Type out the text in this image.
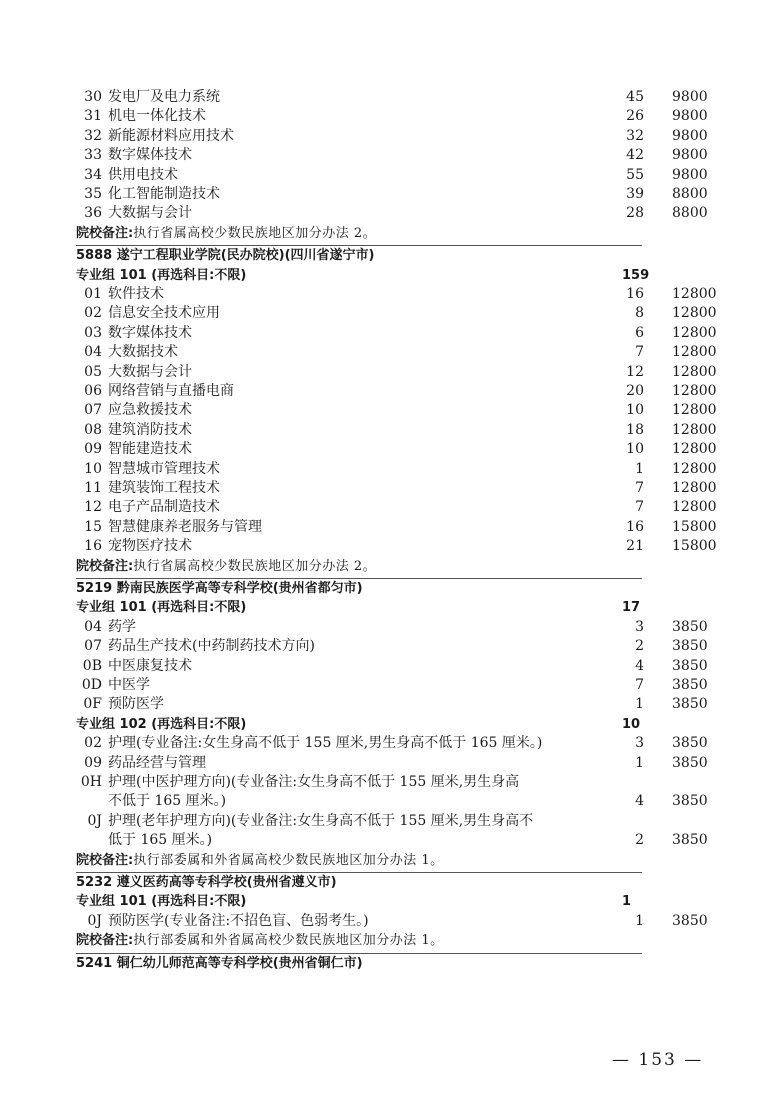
30 发电厂及电力系统	45 9800
31 机电一体化技术	26 9800
32 新能源材料应用技术	32 9800
33 数字媒体技术	42 9800
34 供用电技术	55 9800
35 化工智能制造技术	39 8800
36 大数据与会计	28 8800
院校备注:执行省属高校少数民族地区加分办法 2。
5888 遂宁工程职业学院(民办院校)(四川省遂宁市)
专业组 101 (再选科目:不限)	159
01 软件技术	16 12800
02 信息安全技术应用	8 12800
03 数字媒体技术	6 12800
04 大数据技术	7 12800
05 大数据与会计	12 12800
06 网络营销与直播电商	20 12800
07 应急救援技术	10 12800
08 建筑消防技术	18 12800
09 智能建造技术	10 12800
10 智慧城市管理技术	1 12800
11 建筑装饰工程技术	7 12800
12 电子产品制造技术	7 12800
15 智慧健康养老服务与管理	16 15800
16 宠物医疗技术	21 15800
院校备注:执行省属高校少数民族地区加分办法 2。
5219 黔南民族医学高等专科学校(贵州省都匀市)
专业组 101 (再选科目:不限)	17
04 药学	3 3850
07 药品生产技术(中药制药技术方向)	2 3850
0B 中医康复技术	4 3850
0D 中医学	7 3850
0F 预防医学	1 3850
专业组 102 (再选科目:不限)	10
02 护理(专业备注:女生身高不低于 155 厘米,男生身高不低于 165 厘米。)	3 3850
09 药品经营与管理	1 3850
0H 护理(中医护理方向)(专业备注:女生身高不低于 155 厘米,男生身高
不低于 165 厘米。)	4 3850
0J 护理(老年护理方向)(专业备注:女生身高不低于 155 厘米,男生身高不
低于 165 厘米。)	2 3850
院校备注:执行部委属和外省属高校少数民族地区加分办法 1。
5232 遵义医药高等专科学校(贵州省遵义市)
专业组 101 (再选科目:不限)	1
0J 预防医学(专业备注:不招色盲、色弱考生。)	1 3850
院校备注:执行部委属和外省属高校少数民族地区加分办法 1。
5241 铜仁幼儿师范高等专科学校(贵州省铜仁市)
— 153 —
